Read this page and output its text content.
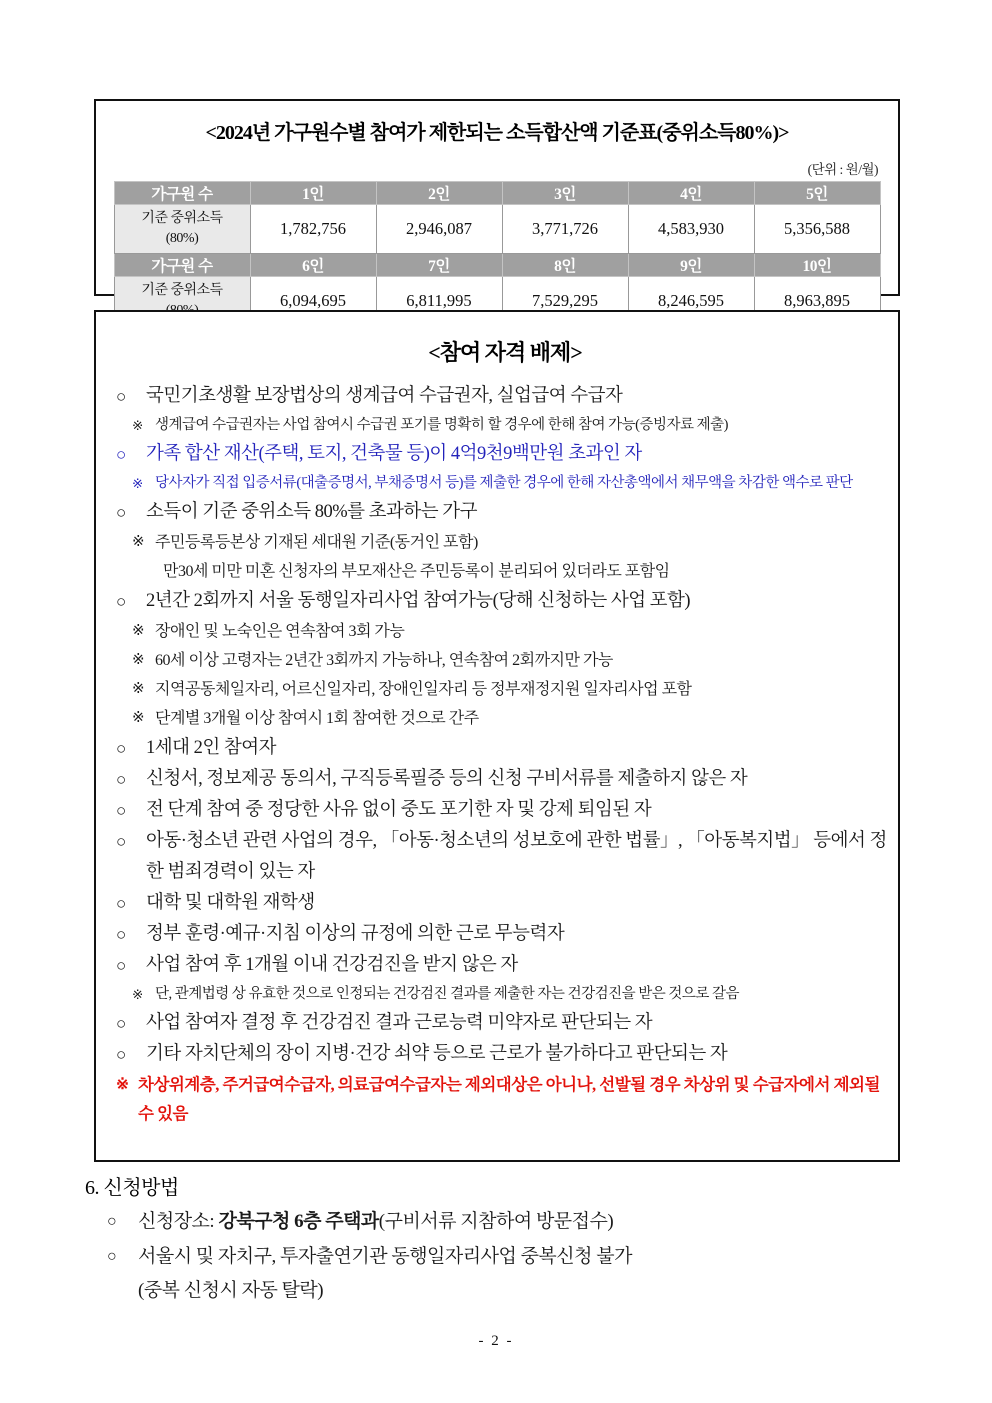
<2024년 가구원수별 참여가 제한되는 소득합산액 기준표(중위소득80%)>
(단위 : 원/월)
가구원 수	1인	2인	3인	4인	5인
기준 중위소득
(80%)	1,782,756	2,946,087	3,771,726	4,583,930	5,356,588
가구원 수	6인	7인	8인	9인	10인
기준 중위소득	6,094,695	6,811,995	7,529,295	8,246,595	8,963,895
<참여 자격 배제>
○	국민기초생활 보장법상의 생계급여 수급권자, 실업급여 수급자
※ 생계급여 수급권자는 사업 참여시 수급권 포기를 명확히 할 경우에 한해 참여 가능(증빙자료 제출)
○	가족 합산 재산(주택, 토지, 건축물 등)이 4억9천9백만원 초과인 자
※ 당사자가 직접 입증서류(대출증명서, 부채증명서 등)를 제출한 경우에 한해 자산총액에서 채무액을 차감한 액수로 판단
○	소득이 기준 중위소득 80%를 초과하는 가구
※ 주민등록등본상 기재된 세대원 기준(동거인 포함)
만30세 미만 미혼 신청자의 부모재산은 주민등록이 분리되어 있더라도 포함임
○	2년간 2회까지 서울 동행일자리사업 참여가능(당해 신청하는 사업 포함)
※ 장애인 및 노숙인은 연속참여 3회 가능
※ 60세 이상 고령자는 2년간 3회까지 가능하나, 연속참여 2회까지만 가능
※ 지역공동체일자리, 어르신일자리, 장애인일자리 등 정부재정지원 일자리사업 포함
※ 단계별 3개월 이상 참여시 1회 참여한 것으로 간주
○	1세대 2인 참여자
○	신청서, 정보제공 동의서, 구직등록필증 등의 신청 구비서류를 제출하지 않은 자
○	전 단계 참여 중 정당한 사유 없이 중도 포기한 자 및 강제 퇴임된 자
○	아동·청소년 관련 사업의 경우, 「아동·청소년의 성보호에 관한 법률」, 「아동복지법」 등에서 정한 범죄경력이 있는 자
○	대학 및 대학원 재학생
○	정부 훈령·예규·지침 이상의 규정에 의한 근로 무능력자
○	사업 참여 후 1개월 이내 건강검진을 받지 않은 자
※ 단, 관계법령 상 유효한 것으로 인정되는 건강검진 결과를 제출한 자는 건강검진을 받은 것으로 갈음
○	사업 참여자 결정 후 건강검진 결과 근로능력 미약자로 판단되는 자
○	기타 자치단체의 장이 지병·건강 쇠약 등으로 근로가 불가하다고 판단되는 자
※ 차상위계층, 주거급여수급자, 의료급여수급자는 제외대상은 아니나, 선발될 경우 차상위 및 수급자에서 제외될 수 있음
6. 신청방법
○	신청장소: 강북구청 6층 주택과(구비서류 지참하여 방문접수)
○	서울시 및 자치구, 투자출연기관 동행일자리사업 중복신청 불가
(중복 신청시 자동 탈락)
- 2 -
